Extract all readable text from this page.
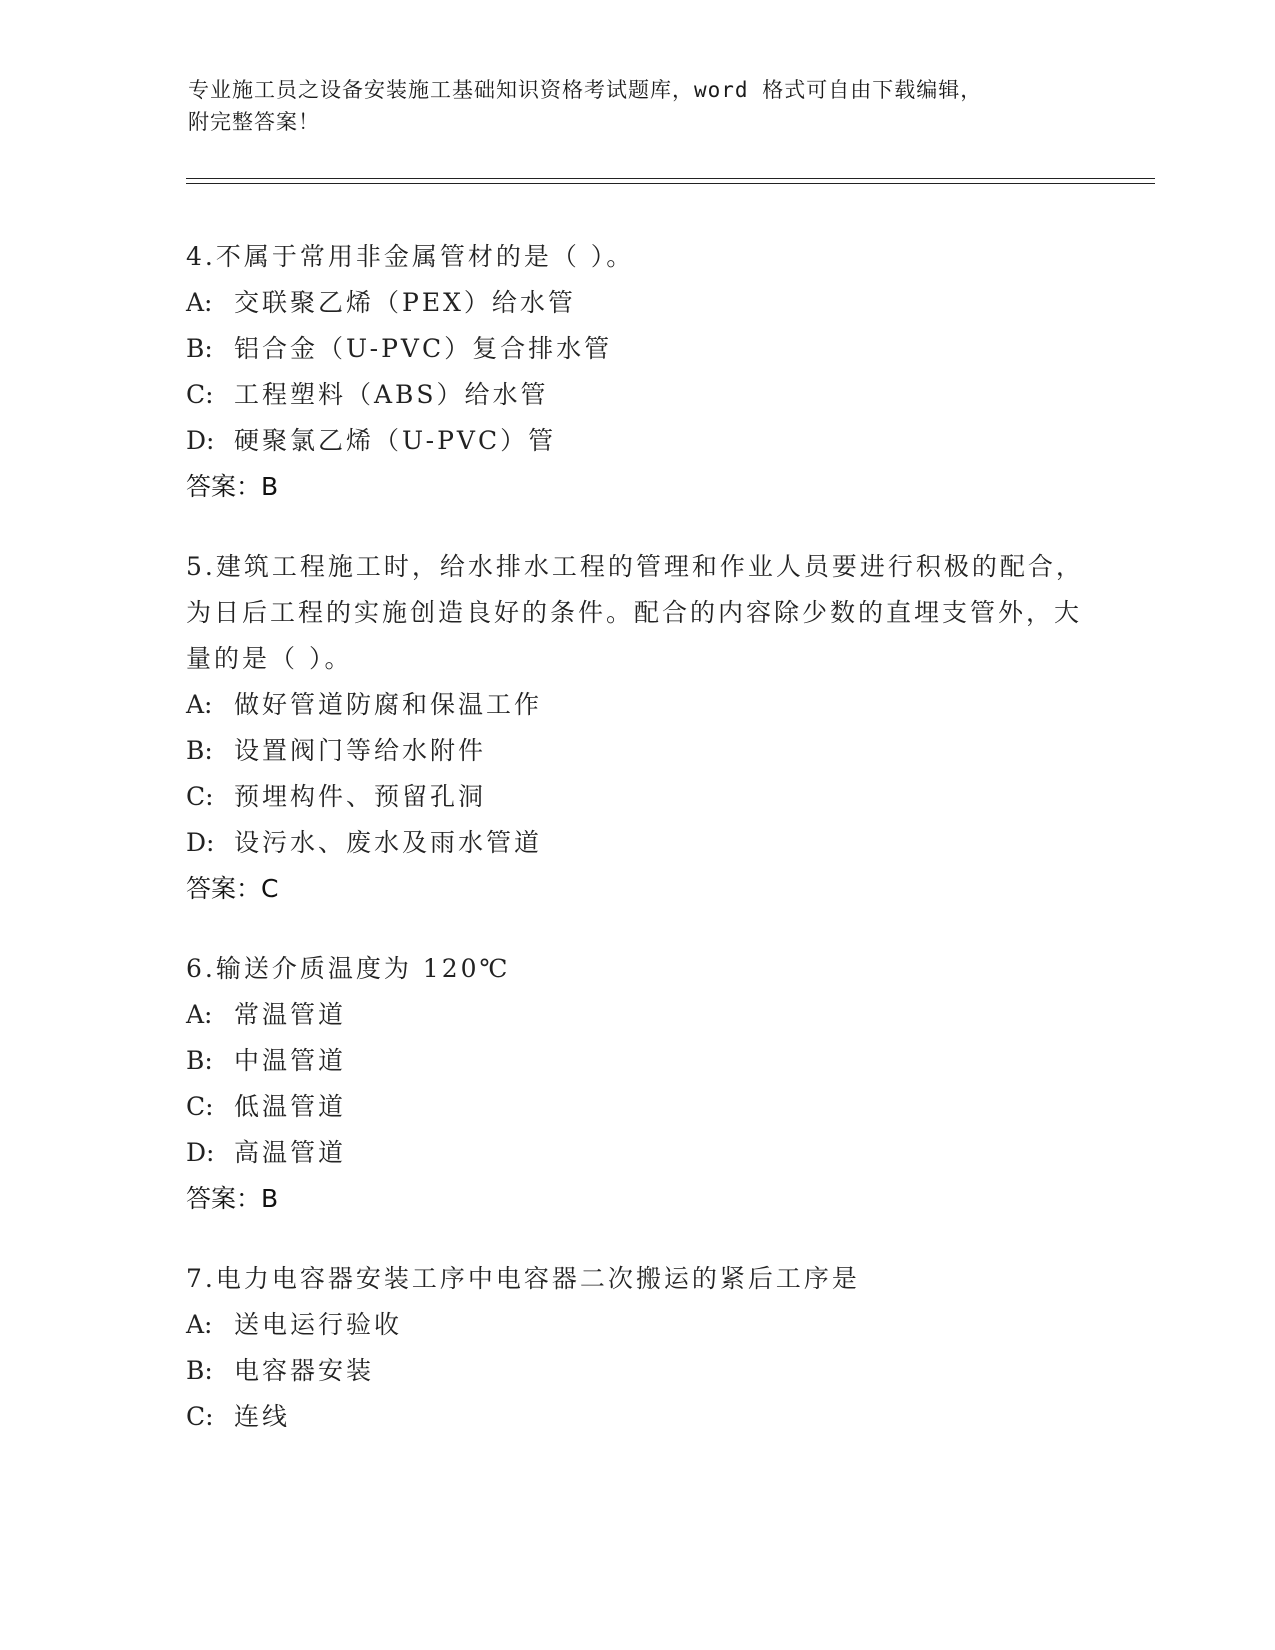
专业施工员之设备安装施工基础知识资格考试题库，word 格式可自由下载编辑，
附完整答案！
4.不属于常用非金属管材的是（ ）。
A: 交联聚乙烯（PEX）给水管
B: 铝合金（U-PVC）复合排水管
C: 工程塑料（ABS）给水管
D: 硬聚氯乙烯（U-PVC）管
答案：B
5.建筑工程施工时，给水排水工程的管理和作业人员要进行积极的配合，为日后工程的实施创造良好的条件。配合的内容除少数的直埋支管外，大量的是（ ）。
A: 做好管道防腐和保温工作
B: 设置阀门等给水附件
C: 预埋构件、预留孔洞
D: 设污水、废水及雨水管道
答案：C
6.输送介质温度为 120℃
A: 常温管道
B: 中温管道
C: 低温管道
D: 高温管道
答案：B
7.电力电容器安装工序中电容器二次搬运的紧后工序是
A: 送电运行验收
B: 电容器安装
C: 连线
